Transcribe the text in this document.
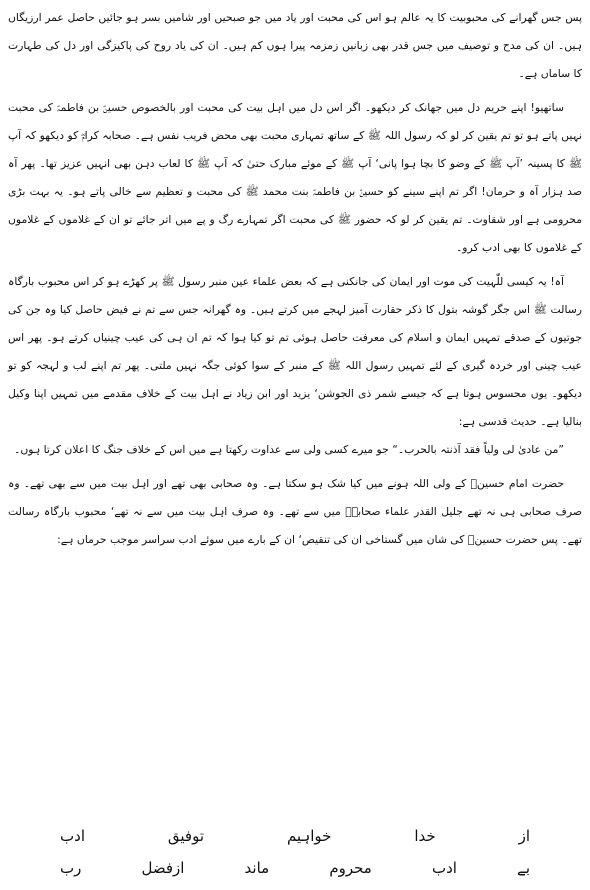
پس جس گھرانے کی محبوبیت کا یہ عالم ہو اس کی محبت اور یاد میں جو صبحیں اور شامیں بسر ہو جائیں حاصل عمر ارزیگاں ہیں۔ ان کی مدح و توصیف میں جس قدر بھی زبانیں زمزمہ پیرا ہوں کم ہیں۔ ان کی یاد روح کی پاکیزگی اور دل کی طہارت کا ساماں ہے۔

ساتھیو! اپنے حریم دل میں جھانک کر دیکھو۔ اگر اس دل میں اہل بیت کی محبت اور بالخصوص حسینؑ بن فاطمہؑ کی محبت نہیں پاتے ہو تو تم یقین کر لو کہ رسول اللہ ﷺ کے ساتھ تمہاری محبت بھی محض فریب نفس ہے۔ صحابہ کرامؓ کو دیکھو کہ آپ ﷺ کا پسینہ ’آپ ﷺ کے وضو کا بچا ہوا پانی‘ آپ ﷺ کے موئے مبارک حتیٰ کہ آپ ﷺ کا لعاب دہن بھی انہیں عزیز تھا۔ پھر آہ صد ہزار آہ و حرمان! اگر تم اپنے سینے کو حسینؑ بن فاطمہؑ بنت محمد ﷺ کی محبت و تعظیم سے خالی پاتے ہو۔ یہ بہت بڑی محرومی ہے اور شقاوت۔ تم یقین کر لو کہ حضور ﷺ کی محبت اگر تمہارے رگ و پے میں اتر جائے تو ان کے غلاموں کے غلاموں کے غلاموں کا بھی ادب کرو۔

آہ! یہ کیسی للّٰہیت کی موت اور ایمان کی جانکنی ہے کہ بعض علماء عین منبر رسول ﷺ پر کھڑے ہو کر اس محبوب بارگاہ رسالت ﷺ اس جگر گوشہ بتول کا ذکر حقارت آمیز لہجے میں کرتے ہیں۔ وہ گھرانہ جس سے تم نے فیض حاصل کیا وہ جن کی جوتیوں کے صدقے تمہیں ایمان و اسلام کی معرفت حاصل ہوئی تم تو کیا ہوا کہ تم ان ہی کی عیب چینیاں کرتے ہو۔ پھر اس عیب چینی اور خردہ گیری کے لئے تمہیں رسول اللہ ﷺ کے منبر کے سوا کوئی جگہ نہیں ملتی۔ پھر تم اپنے لب و لہجہ کو تو دیکھو۔ یوں محسوس ہوتا ہے کہ جیسے شمر ذی الجوشن‘ یزید اور ابن زیاد نے اہل بیت کے خلاف مقدمے میں تمہیں اپنا وکیل بنالیا ہے۔ حدیث قدسی ہے:

”من عادیٰ لی ولیاً فقد آذنتہ بالحرب۔“ جو میرے کسی ولی سے عداوت رکھتا ہے میں اس کے خلاف جنگ کا اعلان کرتا ہوں۔

حضرت امام حسینؓ کے ولی اللہ ہونے میں کیا شک ہو سکتا ہے۔ وہ صحابی بھی تھے اور اہل بیت میں سے بھی تھے۔ وہ صرف صحابی ہی نہ تھے جلیل القدر علماء صحابہؓ میں سے تھے۔ وہ صرف اہل بیت میں سے نہ تھے‘ محبوب بارگاہ رسالت تھے۔ پس حضرت حسینؓ کی شان میں گستاخی ان کی تنقیص‘ ان کے بارے میں سوئے ادب سراسر موجب حرماں ہے:

از
خدا
خواہیم
توفیق
ادب
بے
ادب
محروم
ماند
ازفضل
رب
